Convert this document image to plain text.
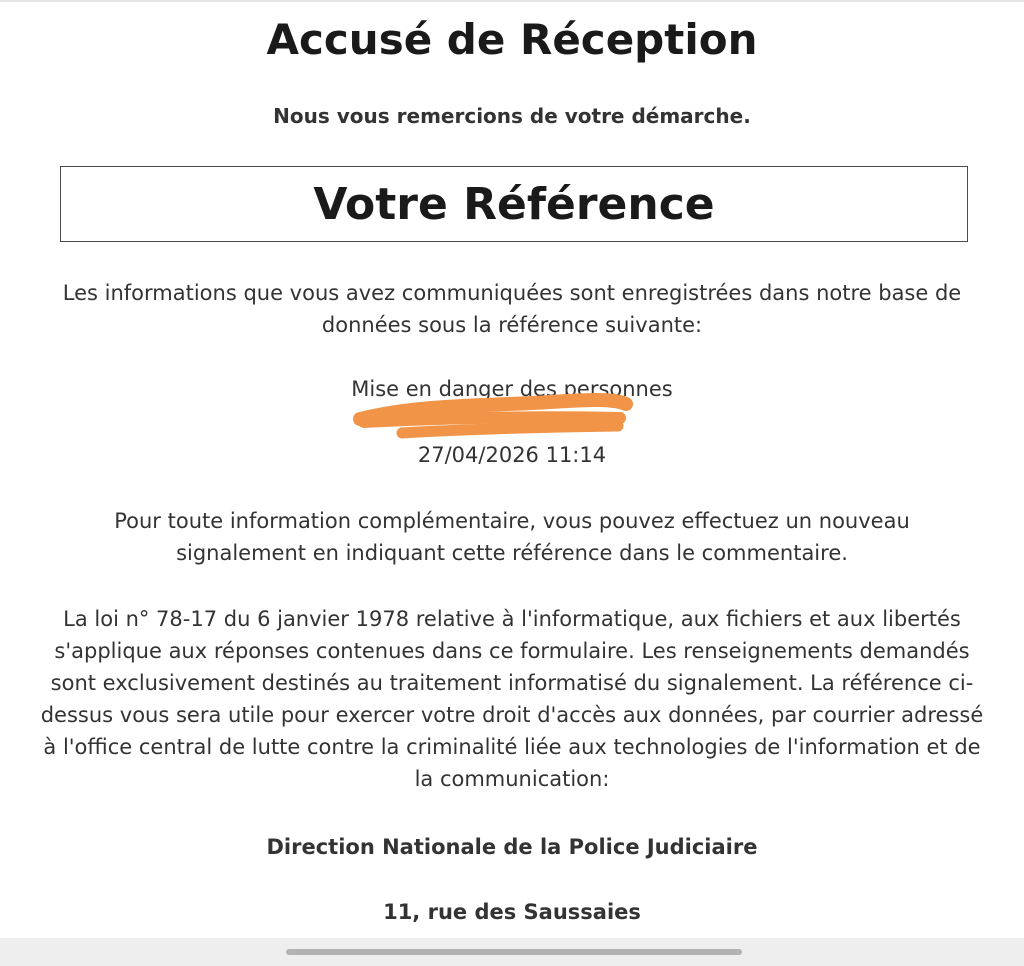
Accusé de Réception
Nous vous remercions de votre démarche.
Votre Référence
Les informations que vous avez communiquées sont enregistrées dans notre base de données sous la référence suivante:
Mise en danger des personnes
27/04/2026 11:14
Pour toute information complémentaire, vous pouvez effectuez un nouveau signalement en indiquant cette référence dans le commentaire.
La loi n° 78-17 du 6 janvier 1978 relative à l'informatique, aux fichiers et aux libertés s'applique aux réponses contenues dans ce formulaire. Les renseignements demandés sont exclusivement destinés au traitement informatisé du signalement. La référence ci-dessus vous sera utile pour exercer votre droit d'accès aux données, par courrier adressé à l'office central de lutte contre la criminalité liée aux technologies de l'information et de la communication:
Direction Nationale de la Police Judiciaire
11, rue des Saussaies
